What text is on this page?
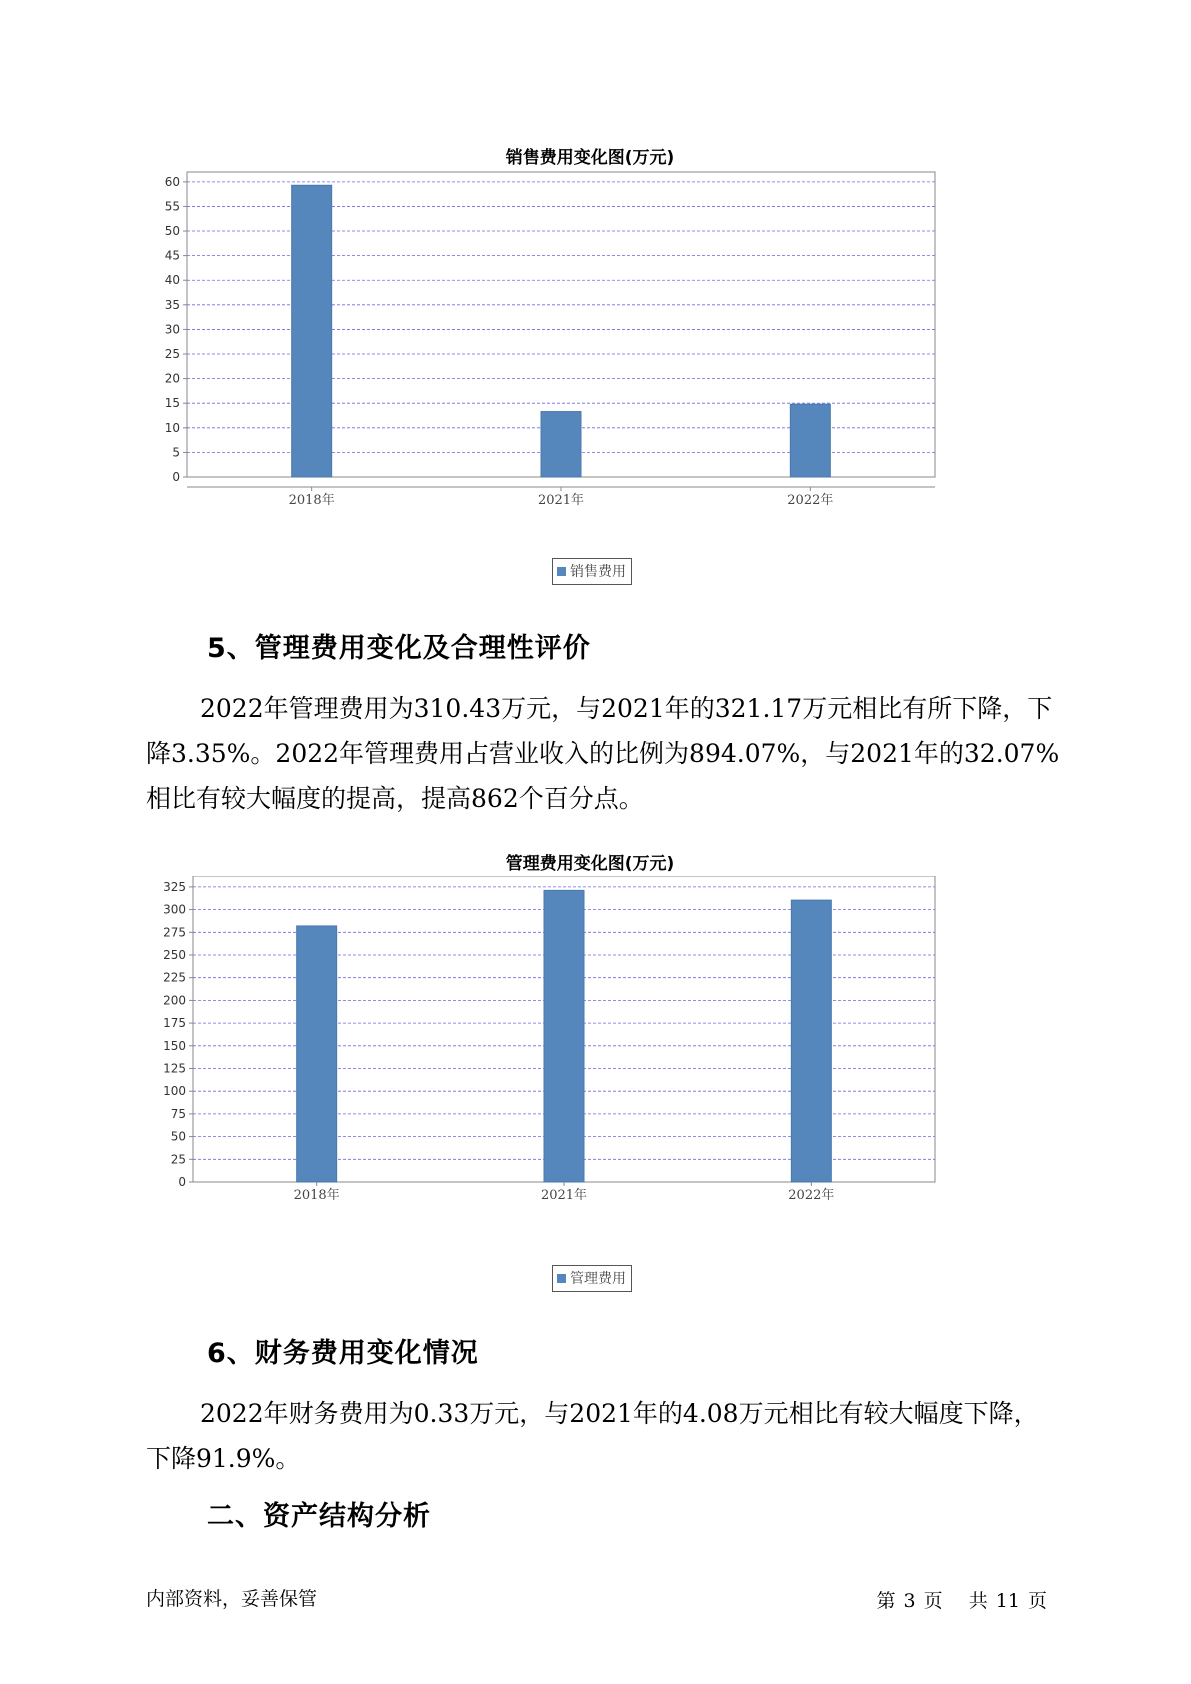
销售费用变化图(万元)
0
5
10
15
20
25
30
35
40
45
50
55
60
2018年	2021年	2022年
销售费用
5、管理费用变化及合理性评价

2022年管理费用为310.43万元，与2021年的321.17万元相比有所下降，下降3.35%。2022年管理费用占营业收入的比例为894.07%，与2021年的32.07%相比有较大幅度的提高，提高862个百分点。

管理费用变化图(万元)
0
25
50
75
100
125
150
175
200
225
250
275
300
325
2018年	2021年	2022年
管理费用
6、财务费用变化情况

2022年财务费用为0.33万元，与2021年的4.08万元相比有较大幅度下降，下降91.9%。

二、资产结构分析
内部资料，妥善保管	第 3 页 共 11 页
